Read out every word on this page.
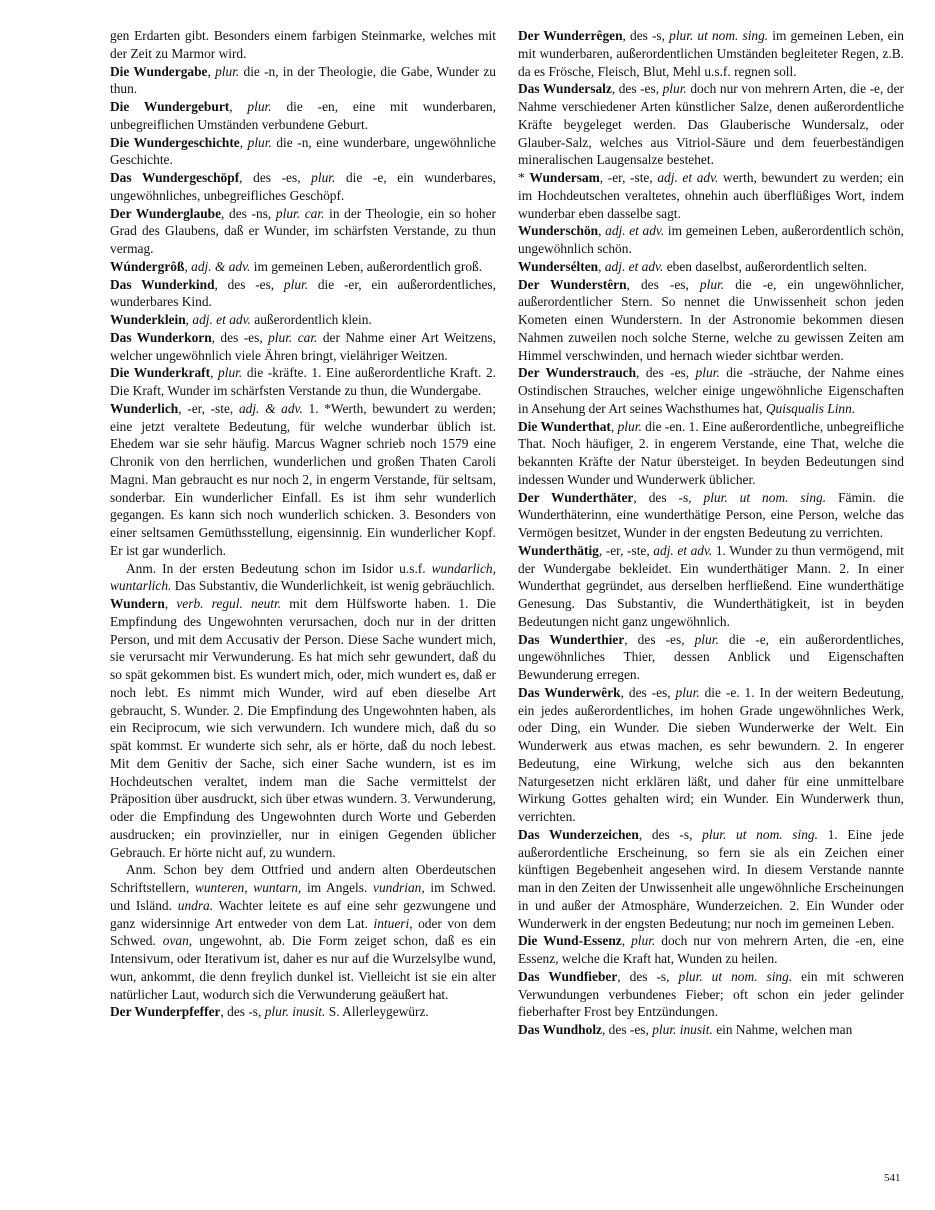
gen Erdarten gibt. Besonders einem farbigen Steinmarke, welches mit der Zeit zu Marmor wird.

Die Wundergabe, plur. die -n, in der Theologie, die Gabe, Wunder zu thun.

Die Wundergeburt, plur. die -en, eine mit wunderbaren, unbegreiflichen Umständen verbundene Geburt.

Die Wundergeschichte, plur. die -n, eine wunderbare, ungewöhnliche Geschichte.

Das Wundergeschöpf, des -es, plur. die -e, ein wunderbares, ungewöhnliches, unbegreifliches Geschöpf.

Der Wunderglaube, des -ns, plur. car. in der Theologie, ein so hoher Grad des Glaubens, daß er Wunder, im schärfsten Verstande, zu thun vermag.

Wúndergrôß, adj. & adv. im gemeinen Leben, außerordentlich groß.

Das Wunderkind, des -es, plur. die -er, ein außerordentliches, wunderbares Kind.

Wunderklein, adj. et adv. außerordentlich klein.

Das Wunderkorn, des -es, plur. car. der Nahme einer Art Weitzens, welcher ungewöhnlich viele Ähren bringt, vielähriger Weitzen.

Die Wunderkraft, plur. die -kräfte. 1. Eine außerordentliche Kraft. 2. Die Kraft, Wunder im schärfsten Verstande zu thun, die Wundergabe.

Wunderlich, -er, -ste, adj. & adv. 1. *Werth, bewundert zu werden; eine jetzt veraltete Bedeutung, für welche wunderbar üblich ist. Ehedem war sie sehr häufig. Marcus Wagner schrieb noch 1579 eine Chronik von den herrlichen, wunderlichen und großen Thaten Caroli Magni. Man gebraucht es nur noch 2, in engerm Verstande, für seltsam, sonderbar. Ein wunderlicher Einfall. Es ist ihm sehr wunderlich gegangen. Es kann sich noch wunderlich schicken. 3. Besonders von einer seltsamen Gemüthsstellung, eigensinnig. Ein wunderlicher Kopf. Er ist gar wunderlich.

Anm. In der ersten Bedeutung schon im Isidor u.s.f. wundarlich, wuntarlich. Das Substantiv, die Wunderlichkeit, ist wenig gebräuchlich.

Wundern, verb. regul. neutr. mit dem Hülfsworte haben. 1. Die Empfindung des Ungewohnten verursachen, doch nur in der dritten Person, und mit dem Accusativ der Person. Diese Sache wundert mich, sie verursacht mir Verwunderung. Es hat mich sehr gewundert, daß du so spät gekommen bist. Es wundert mich, oder, mich wundert es, daß er noch lebt. Es nimmt mich Wunder, wird auf eben dieselbe Art gebraucht, S. Wunder. 2. Die Empfindung des Ungewohnten haben, als ein Reciprocum, wie sich verwundern. Ich wundere mich, daß du so spät kommst. Er wunderte sich sehr, als er hörte, daß du noch lebest. Mit dem Genitiv der Sache, sich einer Sache wundern, ist es im Hochdeutschen veraltet, indem man die Sache vermittelst der Präposition über ausdruckt, sich über etwas wundern. 3. Verwunderung, oder die Empfindung des Ungewohnten durch Worte und Geberden ausdrucken; ein provinzieller, nur in einigen Gegenden üblicher Gebrauch. Er hörte nicht auf, zu wundern.

Anm. Schon bey dem Ottfried und andern alten Oberdeutschen Schriftstellern, wunteren, wuntarn, im Angels. vundrian, im Schwed. und Isländ. undra. Wachter leitete es auf eine sehr gezwungene und ganz widersinnige Art entweder von dem Lat. intueri, oder von dem Schwed. ovan, ungewohnt, ab. Die Form zeiget schon, daß es ein Intensivum, oder Iterativum ist, daher es nur auf die Wurzelsylbe wund, wun, ankommt, die denn freylich dunkel ist. Vielleicht ist sie ein alter natürlicher Laut, wodurch sich die Verwunderung geäußert hat.

Der Wunderpfeffer, des -s, plur. inusit. S. Allerleygewürz.

Der Wunderrêgen, des -s, plur. ut nom. sing. im gemeinen Leben, ein mit wunderbaren, außerordentlichen Umständen begleiteter Regen, z.B. da es Frösche, Fleisch, Blut, Mehl u.s.f. regnen soll.

Das Wundersalz, des -es, plur. doch nur von mehrern Arten, die -e, der Nahme verschiedener Arten künstlicher Salze, denen außerordentliche Kräfte beygeleget werden. Das Glauberische Wundersalz, oder Glauber-Salz, welches aus Vitriol-Säure und dem feuerbeständigen mineralischen Laugensalze bestehet.

* Wundersam, -er, -ste, adj. et adv. werth, bewundert zu werden; ein im Hochdeutschen veraltetes, ohnehin auch überflüßiges Wort, indem wunderbar eben dasselbe sagt.

Wunderschön, adj. et adv. im gemeinen Leben, außerordentlich schön, ungewöhnlich schön.

Wundersélten, adj. et adv. eben daselbst, außerordentlich selten.

Der Wunderstêrn, des -es, plur. die -e, ein ungewöhnlicher, außerordentlicher Stern. So nennet die Unwissenheit schon jeden Kometen einen Wunderstern. In der Astronomie bekommen diesen Nahmen zuweilen noch solche Sterne, welche zu gewissen Zeiten am Himmel verschwinden, und hernach wieder sichtbar werden.

Der Wunderstrauch, des -es, plur. die -sträuche, der Nahme eines Ostindischen Strauches, welcher einige ungewöhnliche Eigenschaften in Ansehung der Art seines Wachsthumes hat, Quisqualis Linn.

Die Wunderthat, plur. die -en. 1. Eine außerordentliche, unbegreifliche That. Noch häufiger, 2. in engerem Verstande, eine That, welche die bekannten Kräfte der Natur übersteiget. In beyden Bedeutungen sind indessen Wunder und Wunderwerk üblicher.

Der Wunderthäter, des -s, plur. ut nom. sing. Fämin. die Wunderthäterinn, eine wunderthätige Person, eine Person, welche das Vermögen besitzet, Wunder in der engsten Bedeutung zu verrichten.

Wunderthätig, -er, -ste, adj. et adv. 1. Wunder zu thun vermögend, mit der Wundergabe bekleidet. Ein wunderthätiger Mann. 2. In einer Wunderthat gegründet, aus derselben herfließend. Eine wunderthätige Genesung. Das Substantiv, die Wunderthätigkeit, ist in beyden Bedeutungen nicht ganz ungewöhnlich.

Das Wunderthier, des -es, plur. die -e, ein außerordentliches, ungewöhnliches Thier, dessen Anblick und Eigenschaften Bewunderung erregen.

Das Wunderwêrk, des -es, plur. die -e. 1. In der weitern Bedeutung, ein jedes außerordentliches, im hohen Grade ungewöhnliches Werk, oder Ding, ein Wunder. Die sieben Wunderwerke der Welt. Ein Wunderwerk aus etwas machen, es sehr bewundern. 2. In engerer Bedeutung, eine Wirkung, welche sich aus den bekannten Naturgesetzen nicht erklären läßt, und daher für eine unmittelbare Wirkung Gottes gehalten wird; ein Wunder. Ein Wunderwerk thun, verrichten.

Das Wunderzeichen, des -s, plur. ut nom. sing. 1. Eine jede außerordentliche Erscheinung, so fern sie als ein Zeichen einer künftigen Begebenheit angesehen wird. In diesem Verstande nannte man in den Zeiten der Unwissenheit alle ungewöhnliche Erscheinungen in und außer der Atmosphäre, Wunderzeichen. 2. Ein Wunder oder Wunderwerk in der engsten Bedeutung; nur noch im gemeinen Leben.

Die Wund-Essenz, plur. doch nur von mehrern Arten, die -en, eine Essenz, welche die Kraft hat, Wunden zu heilen.

Das Wundfieber, des -s, plur. ut nom. sing. ein mit schweren Verwundungen verbundenes Fieber; oft schon ein jeder gelinder fieberhafter Frost bey Entzündungen.

Das Wundholz, des -es, plur. inusit. ein Nahme, welchen man

541
